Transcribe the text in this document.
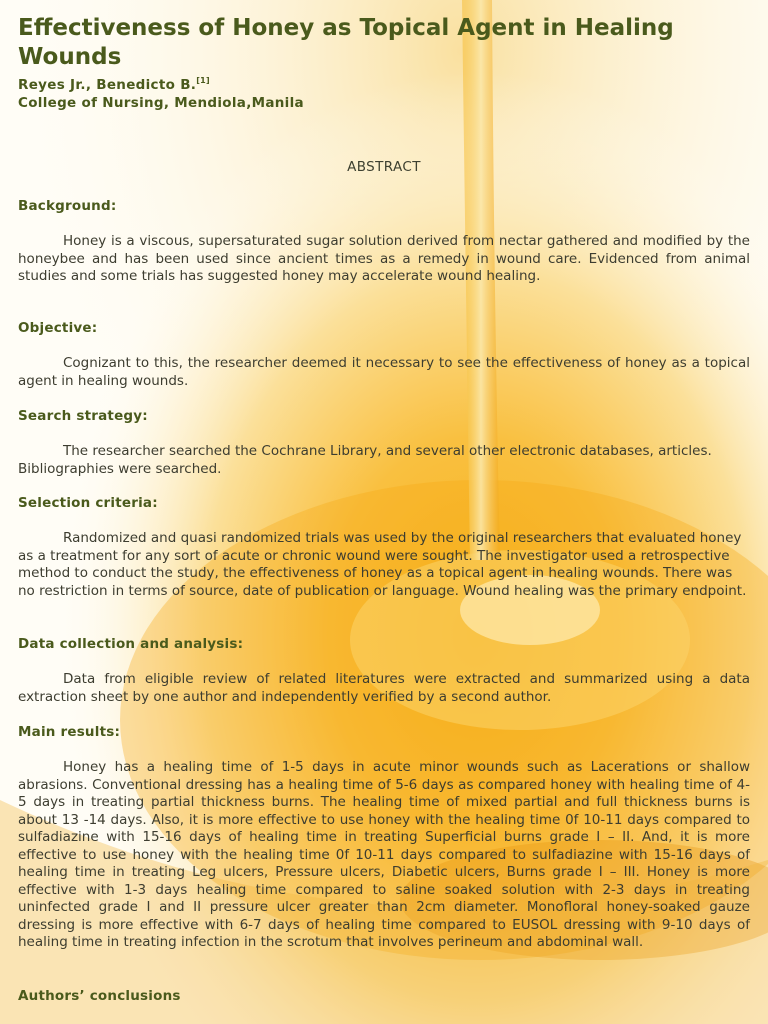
Effectiveness of Honey as Topical Agent in Healing Wounds

Reyes Jr., Benedicto B.[1]

College of Nursing, Mendiola,Manila

ABSTRACT

Background:

Honey is a viscous, supersaturated sugar solution derived from nectar gathered and modified by the honeybee and has been used since ancient times as a remedy in wound care. Evidenced from animal studies and some trials has suggested honey may accelerate wound healing.

Objective:

Cognizant to this, the researcher deemed it necessary to see the effectiveness of honey as a topical agent in healing wounds.

Search strategy:

The researcher searched the Cochrane Library, and several other electronic databases, articles. Bibliographies were searched.

Selection criteria:

Randomized and quasi randomized trials was used by the original researchers that evaluated honey as a treatment for any sort of acute or chronic wound were sought. The investigator used a retrospective method to conduct the study, the effectiveness of honey as a topical agent in healing wounds. There was no restriction in terms of source, date of publication or language. Wound healing was the primary endpoint.

Data collection and analysis:

Data from eligible review of related literatures were extracted and summarized using a data extraction sheet by one author and independently verified by a second author.

Main results:

Honey has a healing time of 1-5 days in acute minor wounds such as Lacerations or shallow abrasions. Conventional dressing has a healing time of 5-6 days as compared honey with healing time of 4-5 days in treating partial thickness burns. The healing time of mixed partial and full thickness burns is about 13 -14 days. Also, it is more effective to use honey with the healing time 0f 10-11 days compared to sulfadiazine with 15-16 days of healing time in treating Superficial burns grade I – II. And, it is more effective to use honey with the healing time 0f 10-11 days compared to sulfadiazine with 15-16 days of healing time in treating Leg ulcers, Pressure ulcers, Diabetic ulcers, Burns grade I – III. Honey is more effective with 1-3 days healing time compared to saline soaked solution with 2-3 days in treating uninfected grade I and II pressure ulcer greater than 2cm diameter. Monofloral honey-soaked gauze dressing is more effective with 6-7 days of healing time compared to EUSOL dressing with 9-10 days of healing time in treating infection in the scrotum that involves perineum and abdominal wall.

Authors’ conclusions
